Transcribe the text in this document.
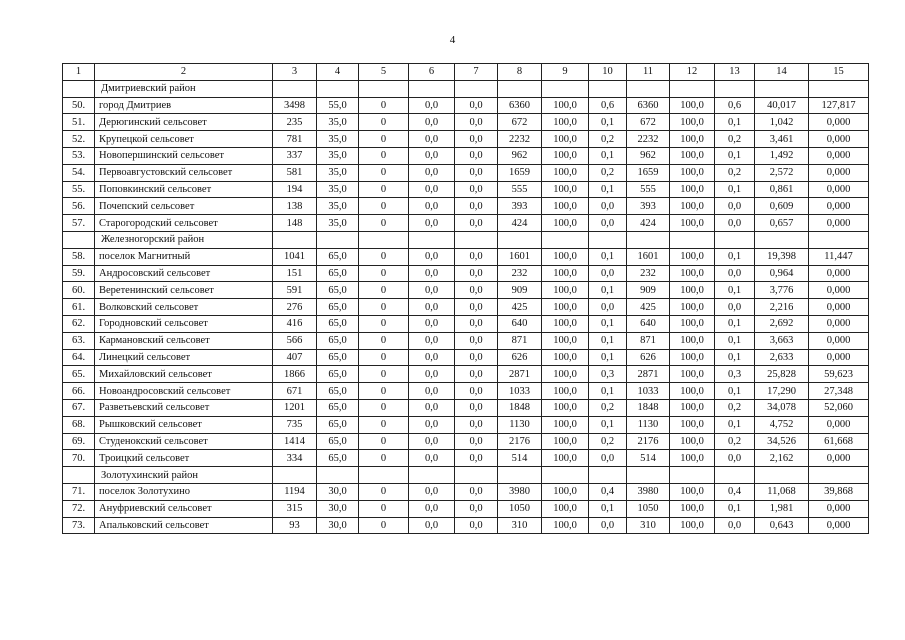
4
1	2	3	4	5	6	7	8	9	10	11	12	13	14	15
	Дмитриевский район													
50.	город Дмитриев	3498	55,0	0	0,0	0,0	6360	100,0	0,6	6360	100,0	0,6	40,017	127,817
51.	Дерюгинский сельсовет	235	35,0	0	0,0	0,0	672	100,0	0,1	672	100,0	0,1	1,042	0,000
52.	Крупецкой сельсовет	781	35,0	0	0,0	0,0	2232	100,0	0,2	2232	100,0	0,2	3,461	0,000
53.	Новопершинский сельсовет	337	35,0	0	0,0	0,0	962	100,0	0,1	962	100,0	0,1	1,492	0,000
54.	Первоавгустовский сельсовет	581	35,0	0	0,0	0,0	1659	100,0	0,2	1659	100,0	0,2	2,572	0,000
55.	Поповкинский сельсовет	194	35,0	0	0,0	0,0	555	100,0	0,1	555	100,0	0,1	0,861	0,000
56.	Почепский сельсовет	138	35,0	0	0,0	0,0	393	100,0	0,0	393	100,0	0,0	0,609	0,000
57.	Старогородский сельсовет	148	35,0	0	0,0	0,0	424	100,0	0,0	424	100,0	0,0	0,657	0,000
	Железногорский район													
58.	поселок Магнитный	1041	65,0	0	0,0	0,0	1601	100,0	0,1	1601	100,0	0,1	19,398	11,447
59.	Андросовский сельсовет	151	65,0	0	0,0	0,0	232	100,0	0,0	232	100,0	0,0	0,964	0,000
60.	Веретенинский сельсовет	591	65,0	0	0,0	0,0	909	100,0	0,1	909	100,0	0,1	3,776	0,000
61.	Волковский сельсовет	276	65,0	0	0,0	0,0	425	100,0	0,0	425	100,0	0,0	2,216	0,000
62.	Городновский сельсовет	416	65,0	0	0,0	0,0	640	100,0	0,1	640	100,0	0,1	2,692	0,000
63.	Кармановский сельсовет	566	65,0	0	0,0	0,0	871	100,0	0,1	871	100,0	0,1	3,663	0,000
64.	Линецкий сельсовет	407	65,0	0	0,0	0,0	626	100,0	0,1	626	100,0	0,1	2,633	0,000
65.	Михайловский сельсовет	1866	65,0	0	0,0	0,0	2871	100,0	0,3	2871	100,0	0,3	25,828	59,623
66.	Новоандросовский сельсовет	671	65,0	0	0,0	0,0	1033	100,0	0,1	1033	100,0	0,1	17,290	27,348
67.	Разветьевский сельсовет	1201	65,0	0	0,0	0,0	1848	100,0	0,2	1848	100,0	0,2	34,078	52,060
68.	Рышковский сельсовет	735	65,0	0	0,0	0,0	1130	100,0	0,1	1130	100,0	0,1	4,752	0,000
69.	Студенокский сельсовет	1414	65,0	0	0,0	0,0	2176	100,0	0,2	2176	100,0	0,2	34,526	61,668
70.	Троицкий сельсовет	334	65,0	0	0,0	0,0	514	100,0	0,0	514	100,0	0,0	2,162	0,000
	Золотухинский район													
71.	поселок Золотухино	1194	30,0	0	0,0	0,0	3980	100,0	0,4	3980	100,0	0,4	11,068	39,868
72.	Ануфриевский сельсовет	315	30,0	0	0,0	0,0	1050	100,0	0,1	1050	100,0	0,1	1,981	0,000
73.	Апальковский сельсовет	93	30,0	0	0,0	0,0	310	100,0	0,0	310	100,0	0,0	0,643	0,000
